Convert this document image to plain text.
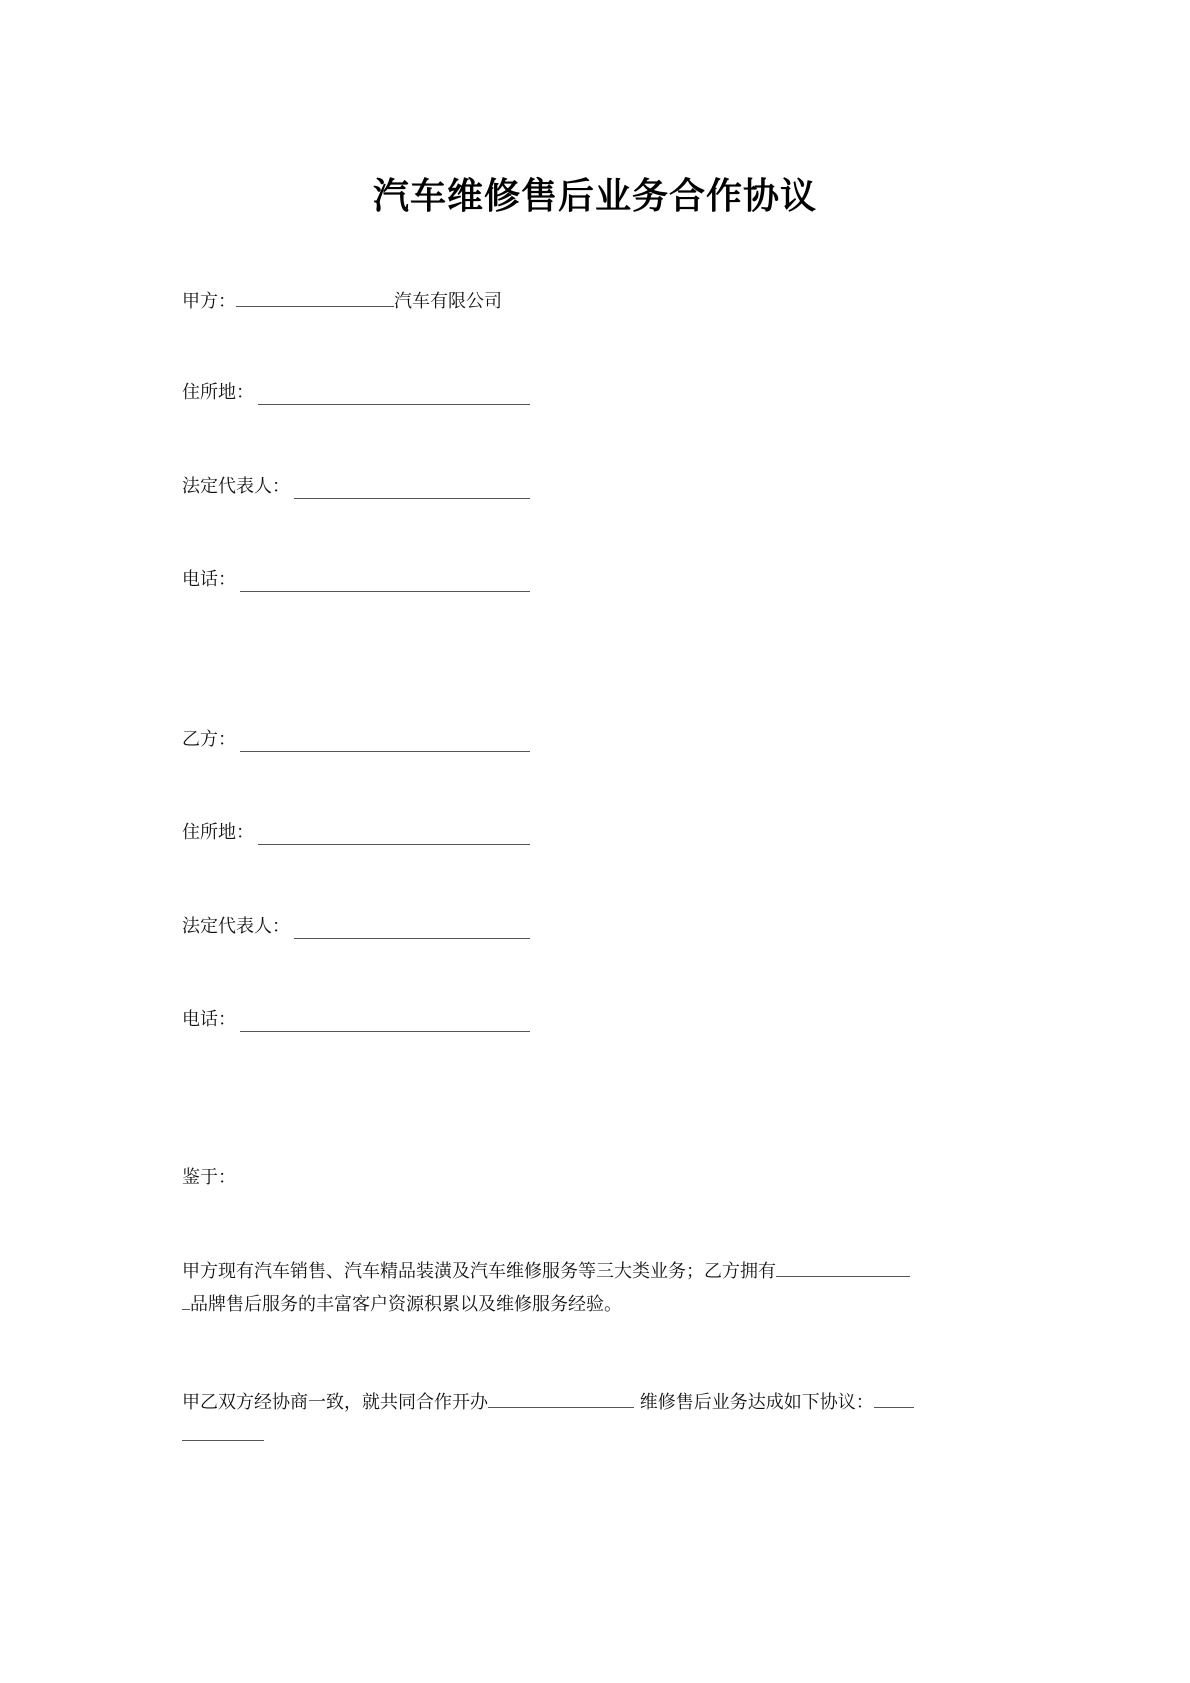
汽车维修售后业务合作协议
甲方：	汽车有限公司
住所地：
法定代表人：
电话：
乙方：
住所地：
法定代表人：
电话：
鉴于：
甲方现有汽车销售、汽车精品装潢及汽车维修服务等三大类业务；乙方拥有
品牌售后服务的丰富客户资源积累以及维修服务经验。
甲乙双方经协商一致，就共同合作开办	维修售后业务达成如下协议：
